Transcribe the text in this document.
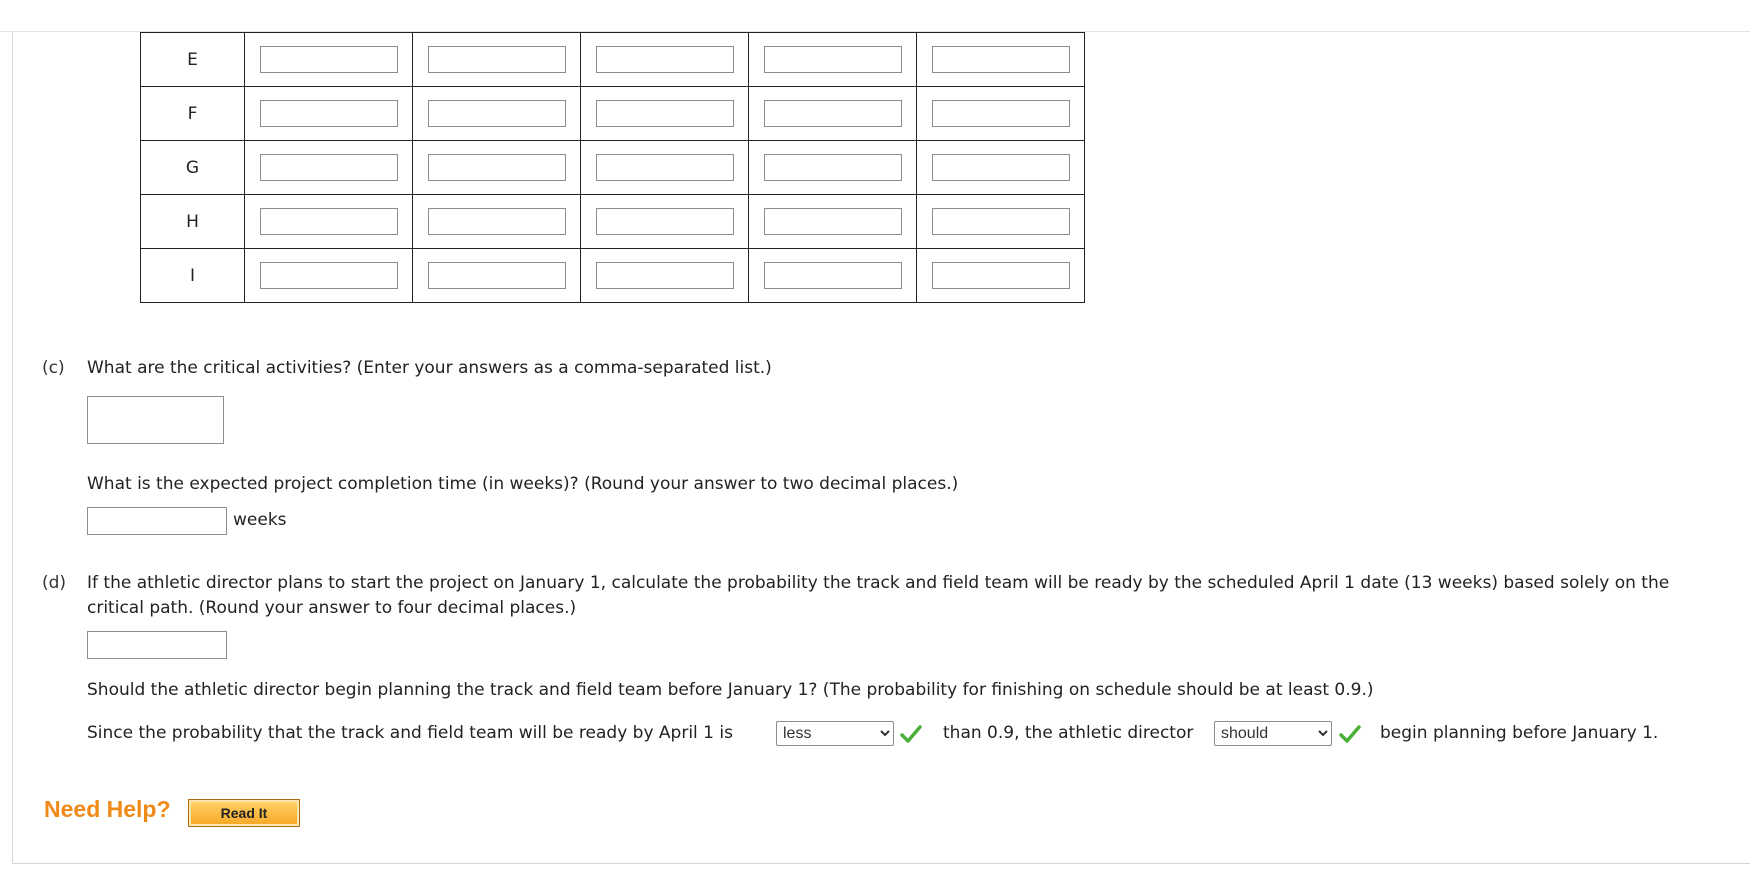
E	

F	

G	

H	

I	

(c) What are the critical activities? (Enter your answers as a comma-separated list.)
What is the expected project completion time (in weeks)? (Round your answer to two decimal places.)
weeks
(d) If the athletic director plans to start the project on January 1, calculate the probability the track and field team will be ready by the scheduled April 1 date (13 weeks) based solely on the
critical path. (Round your answer to four decimal places.)
Should the athletic director begin planning the track and field team before January 1? (The probability for finishing on schedule should be at least 0.9.)
Since the probability that the track and field team will be ready by April 1 is
less	than 0.9, the athletic director
should	begin planning before January 1.
Need Help?	Read It
